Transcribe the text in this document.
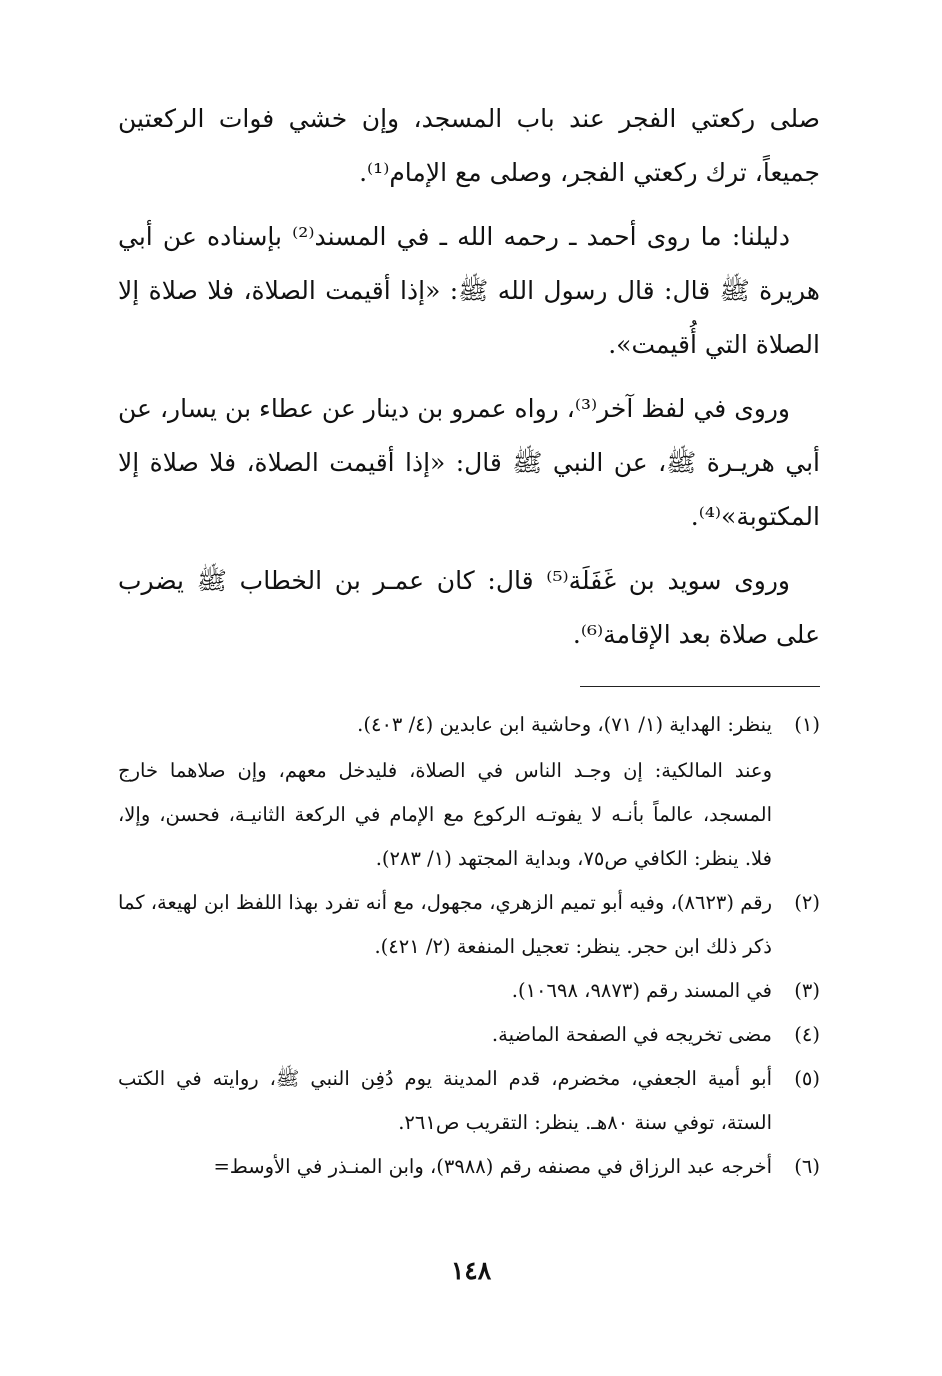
صلى ركعتي الفجر عند باب المسجد، وإن خشي فوات الركعتين جميعاً، ترك ركعتي الفجر، وصلى مع الإمام⁽¹⁾.

دليلنا: ما روى أحمد ـ رحمه الله ـ في المسند⁽²⁾ بإسناده عن أبي هريرة ﷺ قال: قال رسول الله ﷺ: «إذا أقيمت الصلاة، فلا صلاة إلا الصلاة التي أُقيمت».

وروى في لفظ آخر⁽³⁾، رواه عمرو بن دينار عن عطاء بن يسار، عن أبي هريـرة ﷺ، عن النبي ﷺ قال: «إذا أقيمت الصلاة، فلا صلاة إلا المكتوبة»⁽⁴⁾.

وروى سويد بن غَفَلَة⁽⁵⁾ قال: كان عمـر بن الخطاب ﷺ يضرب على صلاة بعد الإقامة⁽⁶⁾.

(١)

ينظر: الهداية (١/ ٧١)، وحاشية ابن عابدين (٤/ ٤٠٣).

وعند المالكية: إن وجـد الناس في الصلاة، فليدخل معهم، وإن صلاهما خارج المسجد، عالماً بأنـه لا يفوتـه الركوع مع الإمام في الركعة الثانيـة، فحسن، وإلا، فلا. ينظر: الكافي ص٧٥، وبداية المجتهد (١/ ٢٨٣).

(٢)

رقم (٨٦٢٣)، وفيه أبو تميم الزهري، مجهول، مع أنه تفرد بهذا اللفظ ابن لهيعة، كما ذكر ذلك ابن حجر. ينظر: تعجيل المنفعة (٢/ ٤٢١).

(٣)

في المسند رقم (٩٨٧٣، ١٠٦٩٨).

(٤)

مضى تخريجه في الصفحة الماضية.

(٥)

أبو أمية الجعفي، مخضرم، قدم المدينة يوم دُفِن النبي ﷺ، روايته في الكتب الستة، توفي سنة ٨٠هـ. ينظر: التقريب ص٢٦١.

(٦)

أخرجه عبد الرزاق في مصنفه رقم (٣٩٨٨)، وابن المنـذر في الأوسط=

١٤٨
